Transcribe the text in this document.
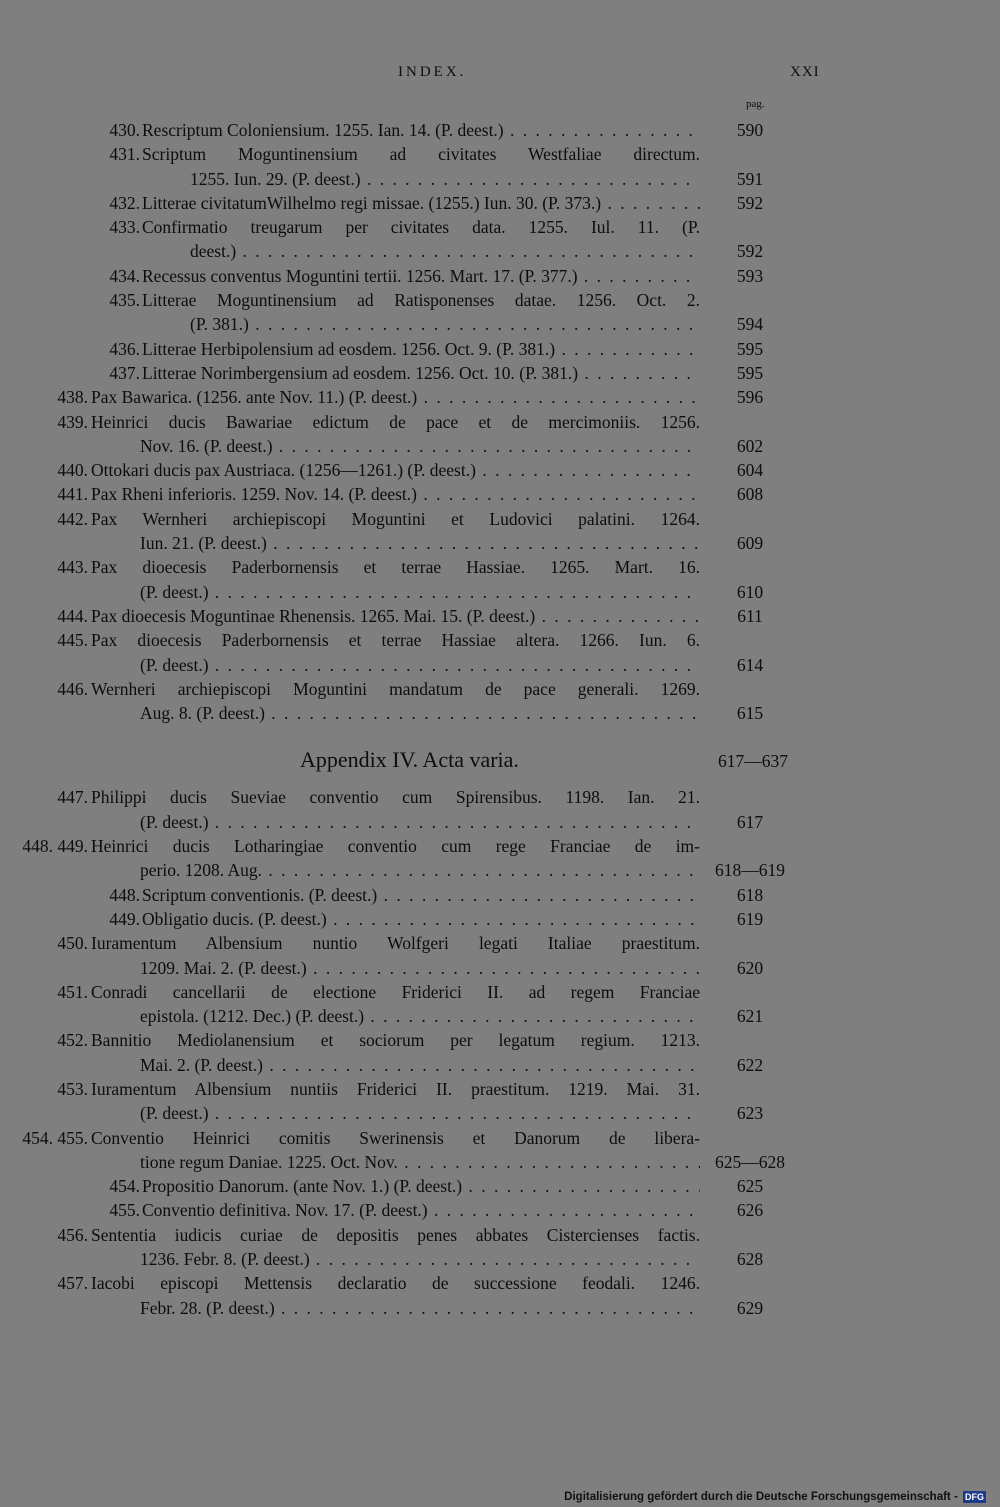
INDEX.	XXI
pag.
430. Rescriptum Coloniensium. 1255. Ian. 14. (P. deest.) . . .	590
431. Scriptum Moguntinensium ad civitates Westfaliae directum.
1255. Iun. 29. (P. deest.) . . .	591
432. Litterae civitatumWilhelmo regi missae. (1255.) Iun. 30. (P. 373.) . . .	592
433. Confirmatio treugarum per civitates data. 1255. Iul. 11. (P.
deest.) . . .	592
434. Recessus conventus Moguntini tertii. 1256. Mart. 17. (P. 377.) . . .	593
435. Litterae Moguntinensium ad Ratisponenses datae. 1256. Oct. 2.
(P. 381.) . . .	594
436. Litterae Herbipolensium ad eosdem. 1256. Oct. 9. (P. 381.) . . .	595
437. Litterae Norimbergensium ad eosdem. 1256. Oct. 10. (P. 381.) . . .	595
438. Pax Bawarica. (1256. ante Nov. 11.) (P. deest.) . . .	596
439. Heinrici ducis Bawariae edictum de pace et de mercimoniis. 1256.
Nov. 16. (P. deest.) . . .	602
440. Ottokari ducis pax Austriaca. (1256—1261.) (P. deest.) . . .	604
441. Pax Rheni inferioris. 1259. Nov. 14. (P. deest.) . . .	608
442. Pax Wernheri archiepiscopi Moguntini et Ludovici palatini. 1264.
Iun. 21. (P. deest.) . . .	609
443. Pax dioecesis Paderbornensis et terrae Hassiae. 1265. Mart. 16.
(P. deest.) . . .	610
444. Pax dioecesis Moguntinae Rhenensis. 1265. Mai. 15. (P. deest.) . . .	611
445. Pax dioecesis Paderbornensis et terrae Hassiae altera. 1266. Iun. 6.
(P. deest.) . . .	614
446. Wernheri archiepiscopi Moguntini mandatum de pace generali. 1269.
Aug. 8. (P. deest.) . . .	615
Appendix IV. Acta varia.	617—637
447. Philippi ducis Sueviae conventio cum Spirensibus. 1198. Ian. 21.
(P. deest.) . . .	617
448. 449. Heinrici ducis Lotharingiae conventio cum rege Franciae de im-
perio. 1208. Aug. . . .	618—619
448. Scriptum conventionis. (P. deest.) . . .	618
449. Obligatio ducis. (P. deest.) . . .	619
450. Iuramentum Albensium nuntio Wolfgeri legati Italiae praestitum.
1209. Mai. 2. (P. deest.) . . .	620
451. Conradi cancellarii de electione Friderici II. ad regem Franciae
epistola. (1212. Dec.) (P. deest.) . . .	621
452. Bannitio Mediolanensium et sociorum per legatum regium. 1213.
Mai. 2. (P. deest.) . . .	622
453. Iuramentum Albensium nuntiis Friderici II. praestitum. 1219. Mai. 31.
(P. deest.) . . .	623
454. 455. Conventio Heinrici comitis Swerinensis et Danorum de libera-
tione regum Daniae. 1225. Oct. Nov. . . .	625—628
454. Propositio Danorum. (ante Nov. 1.) (P. deest.) . . .	625
455. Conventio definitiva. Nov. 17. (P. deest.) . . .	626
456. Sententia iudicis curiae de depositis penes abbates Cistercienses factis.
1236. Febr. 8. (P. deest.) . . .	628
457. Iacobi episcopi Mettensis declaratio de successione feodali. 1246.
Febr. 28. (P. deest.) . . .	629
Digitalisierung gefördert durch die Deutsche Forschungsgemeinschaft - DFG
